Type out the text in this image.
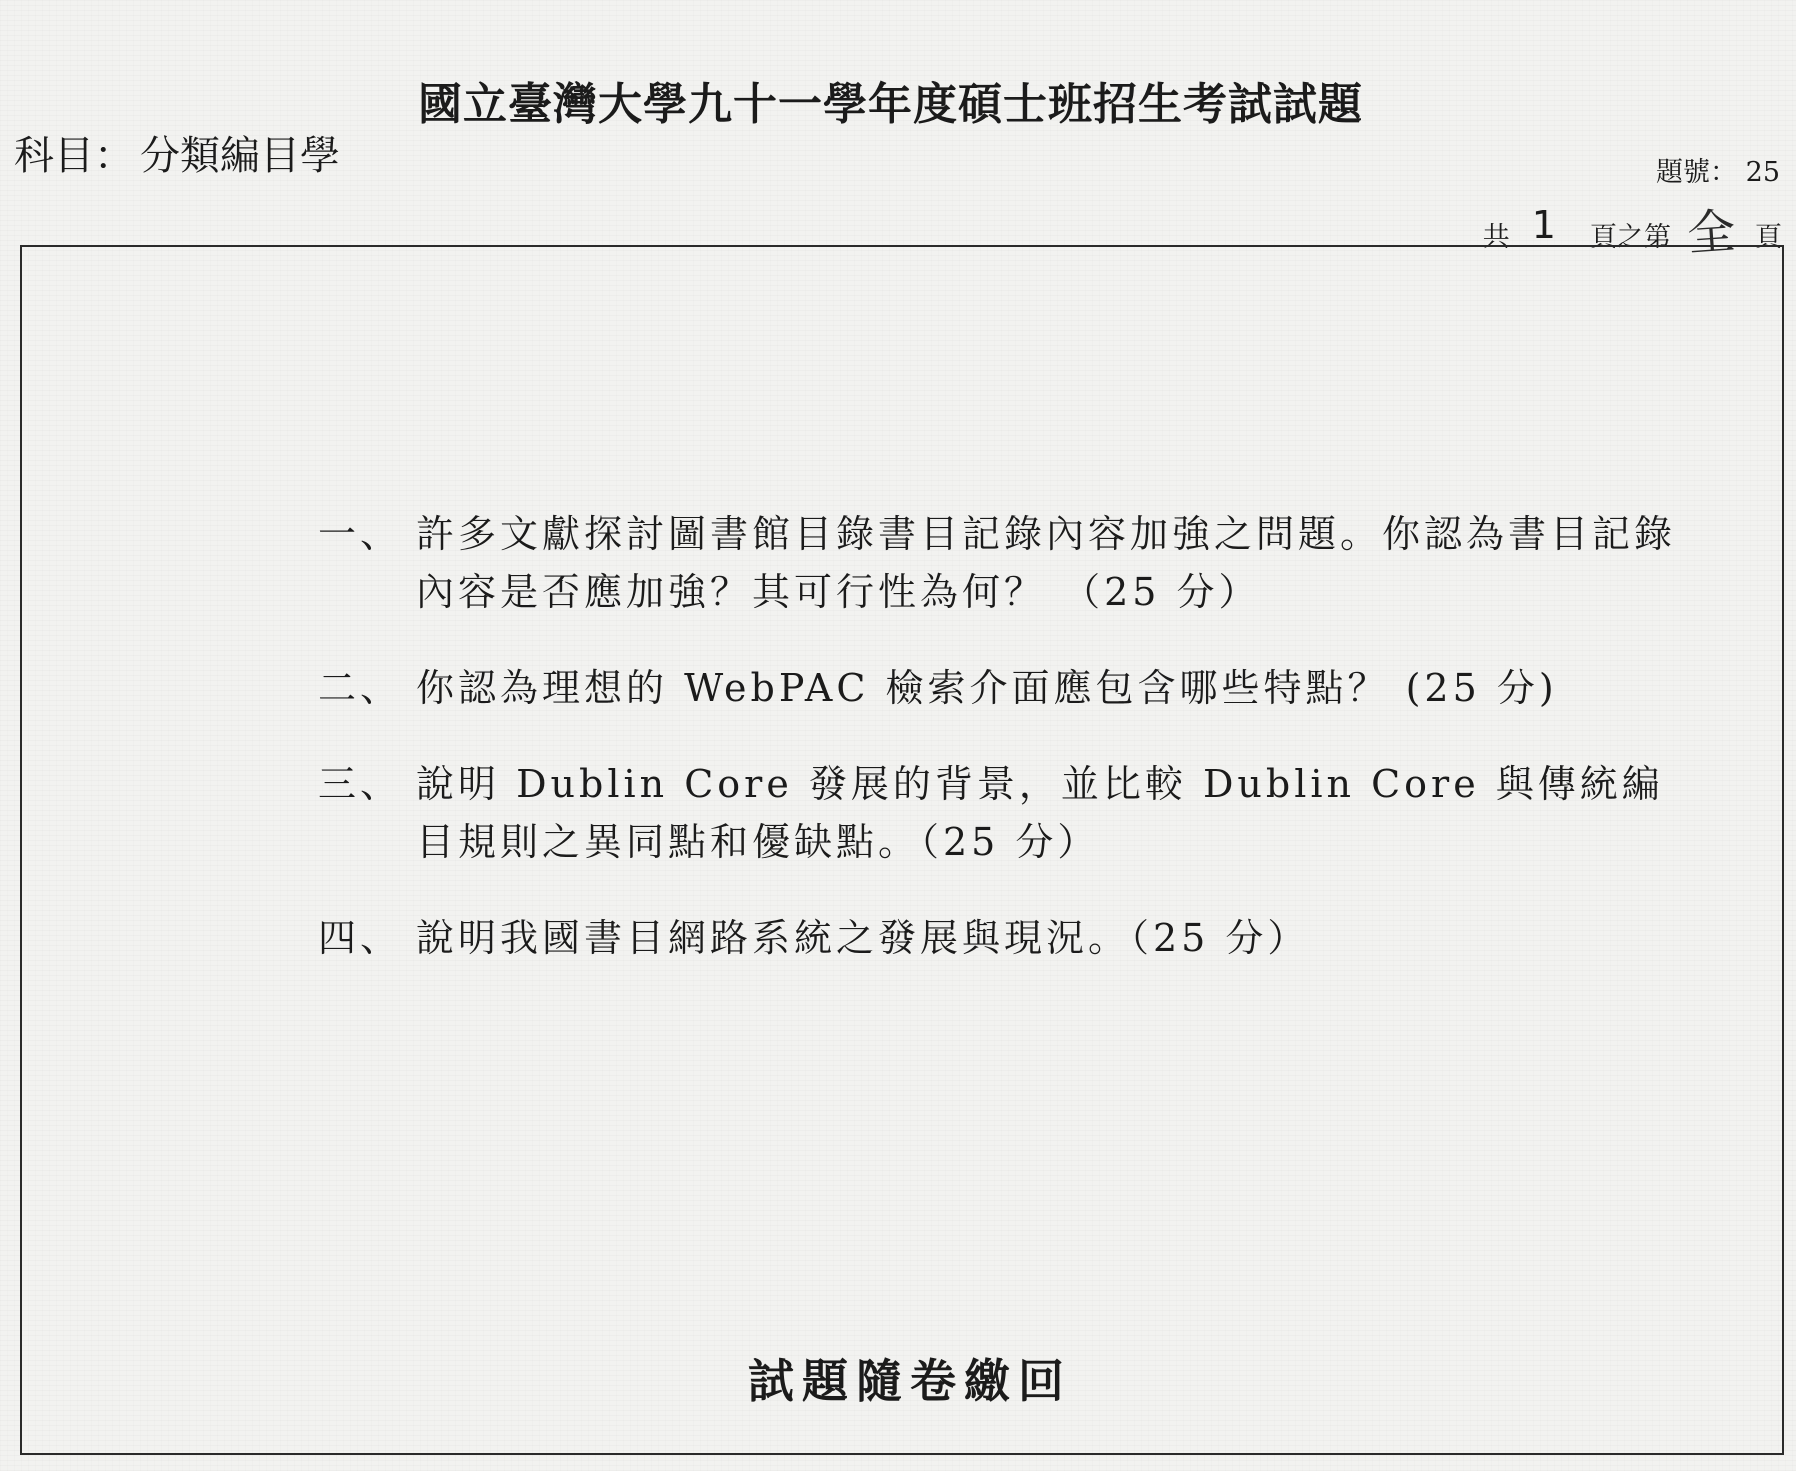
國立臺灣大學九十一學年度碩士班招生考試試題
科目： 分類編目學	題號： 25
共 1 頁之第 全 頁
一、 許多文獻探討圖書館目錄書目記錄內容加強之問題。你認為書目記錄內容是否應加強？其可行性為何？ （25 分）
二、 你認為理想的 WebPAC 檢索介面應包含哪些特點？ (25 分)
三、 說明 Dublin Core 發展的背景，並比較 Dublin Core 與傳統編目規則之異同點和優缺點。（25 分）
四、 說明我國書目網路系統之發展與現況。（25 分）
試題隨卷繳回
